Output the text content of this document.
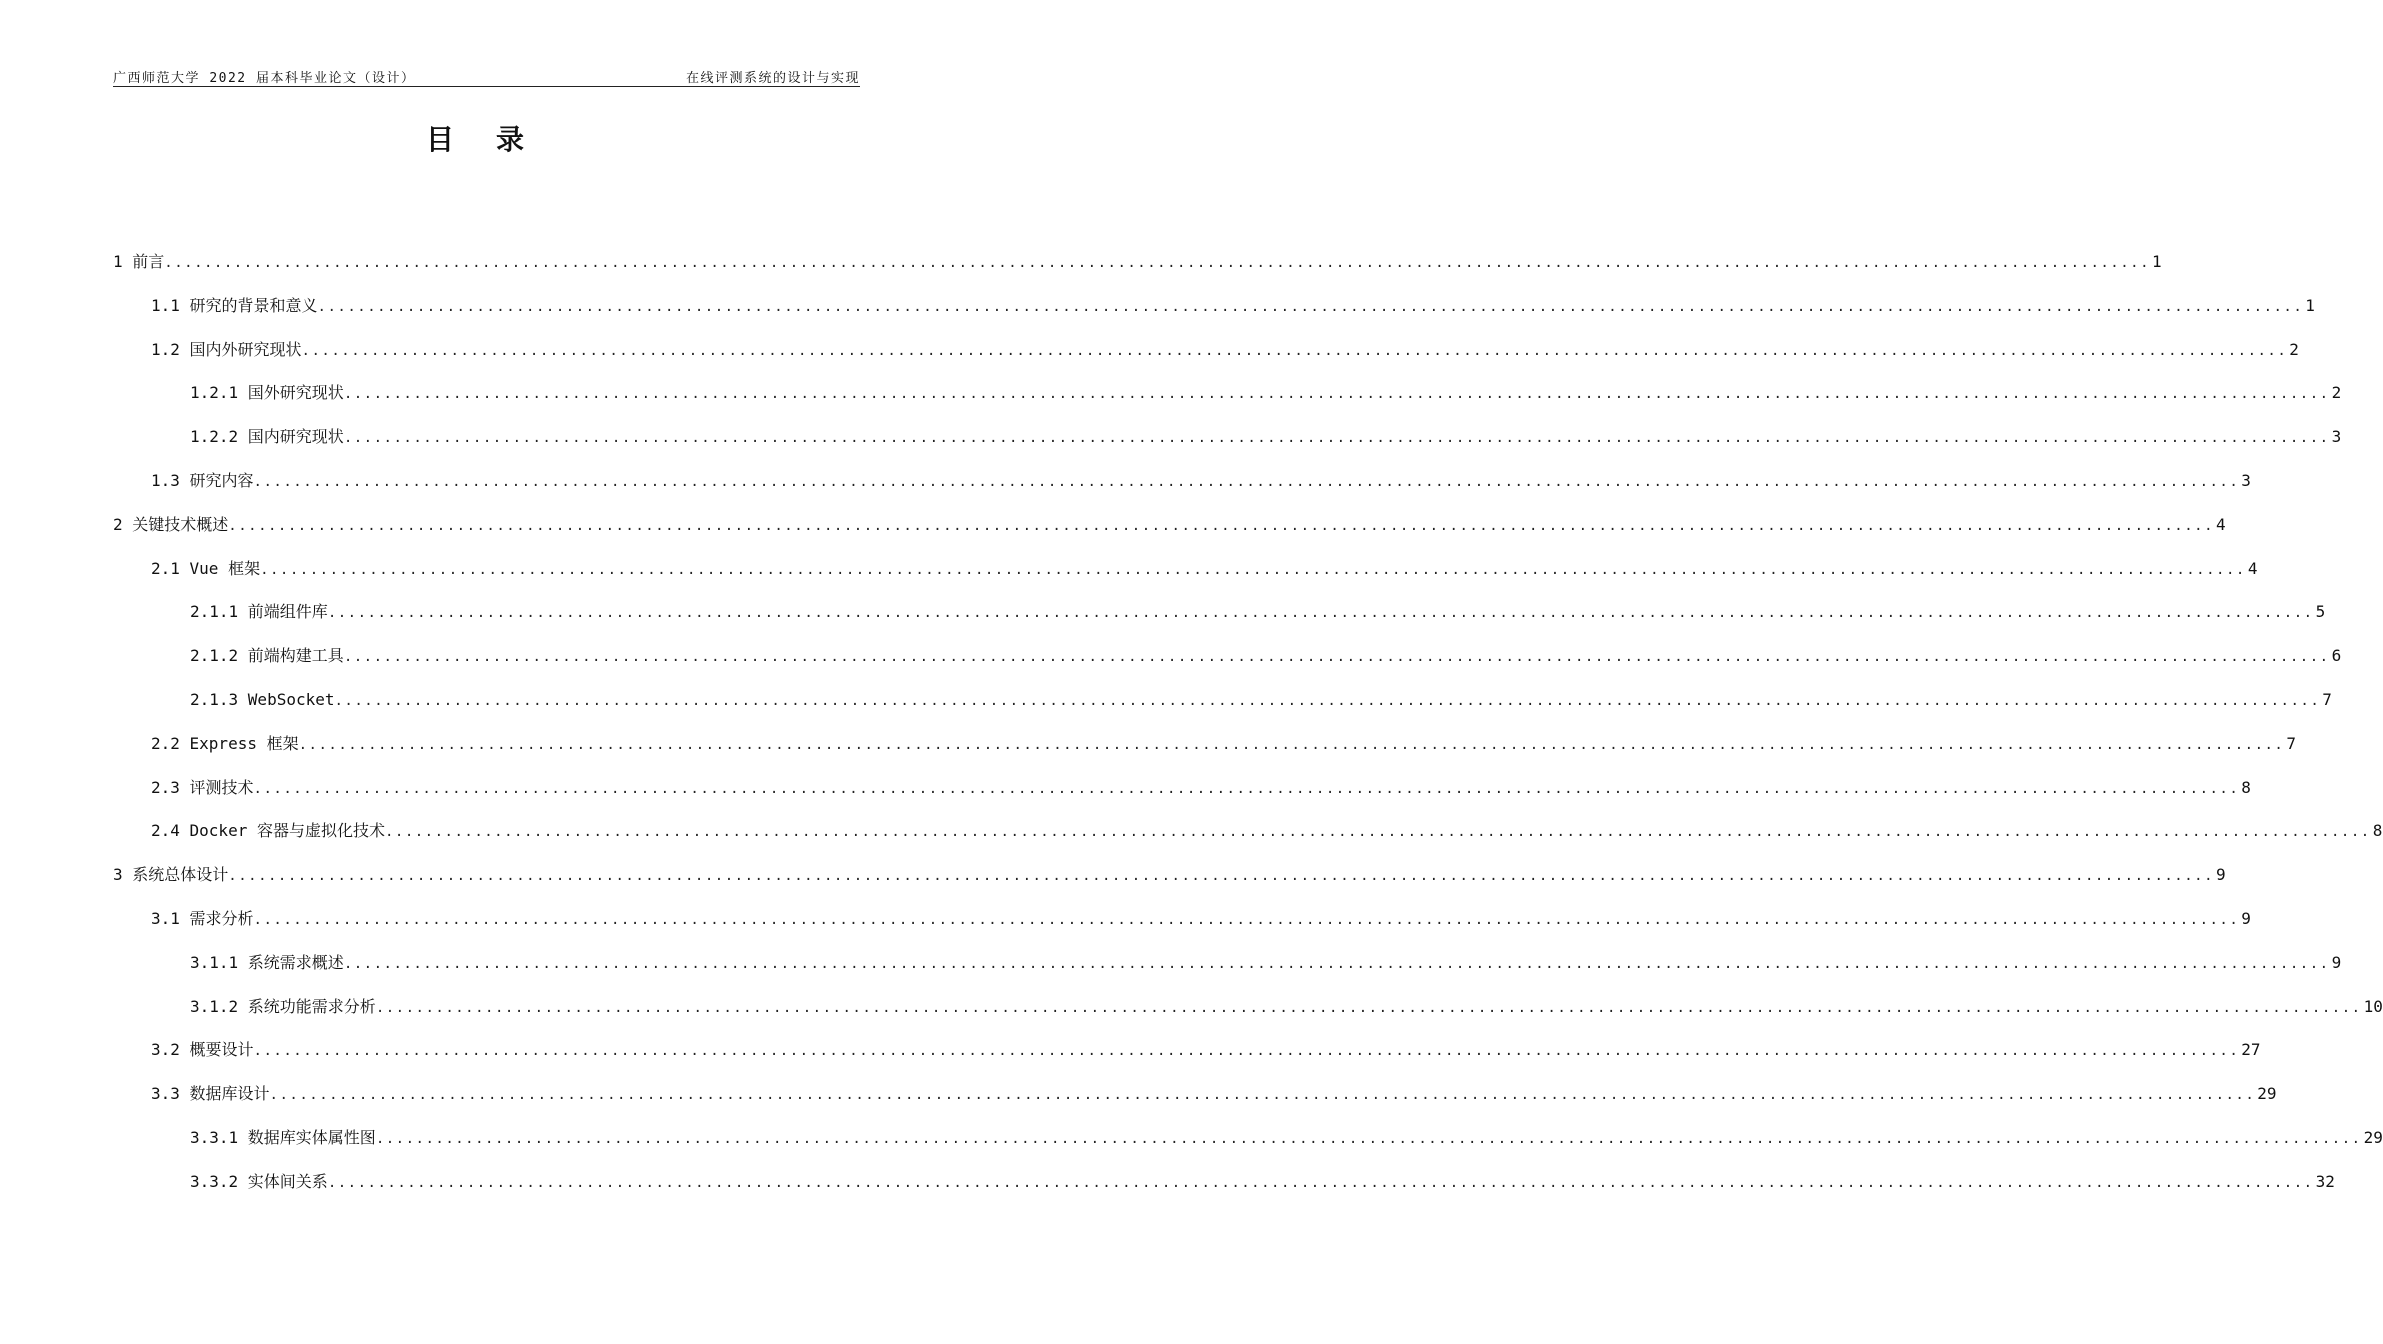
广西师范大学 2022 届本科毕业论文（设计）	在线评测系统的设计与实现
目录
1 前言 ........................................................................................................................................................................................................ 1
1.1 研究的背景和意义 ........................................................................................................................................................................................................ 1
1.2 国内外研究现状 ........................................................................................................................................................................................................ 2
1.2.1 国外研究现状 ........................................................................................................................................................................................................ 2
1.2.2 国内研究现状 ........................................................................................................................................................................................................ 3
1.3 研究内容 ........................................................................................................................................................................................................ 3
2 关键技术概述 ........................................................................................................................................................................................................ 4
2.1 Vue 框架 ........................................................................................................................................................................................................ 4
2.1.1 前端组件库 ........................................................................................................................................................................................................ 5
2.1.2 前端构建工具 ........................................................................................................................................................................................................ 6
2.1.3 WebSocket ........................................................................................................................................................................................................ 7
2.2 Express 框架 ........................................................................................................................................................................................................ 7
2.3 评测技术 ........................................................................................................................................................................................................ 8
2.4 Docker 容器与虚拟化技术 ........................................................................................................................................................................................................ 8
3 系统总体设计 ........................................................................................................................................................................................................ 9
3.1 需求分析 ........................................................................................................................................................................................................ 9
3.1.1 系统需求概述 ........................................................................................................................................................................................................ 9
3.1.2 系统功能需求分析 ........................................................................................................................................................................................................ 10
3.2 概要设计 ........................................................................................................................................................................................................ 27
3.3 数据库设计 ........................................................................................................................................................................................................ 29
3.3.1 数据库实体属性图 ........................................................................................................................................................................................................ 29
3.3.2 实体间关系 ........................................................................................................................................................................................................ 32
